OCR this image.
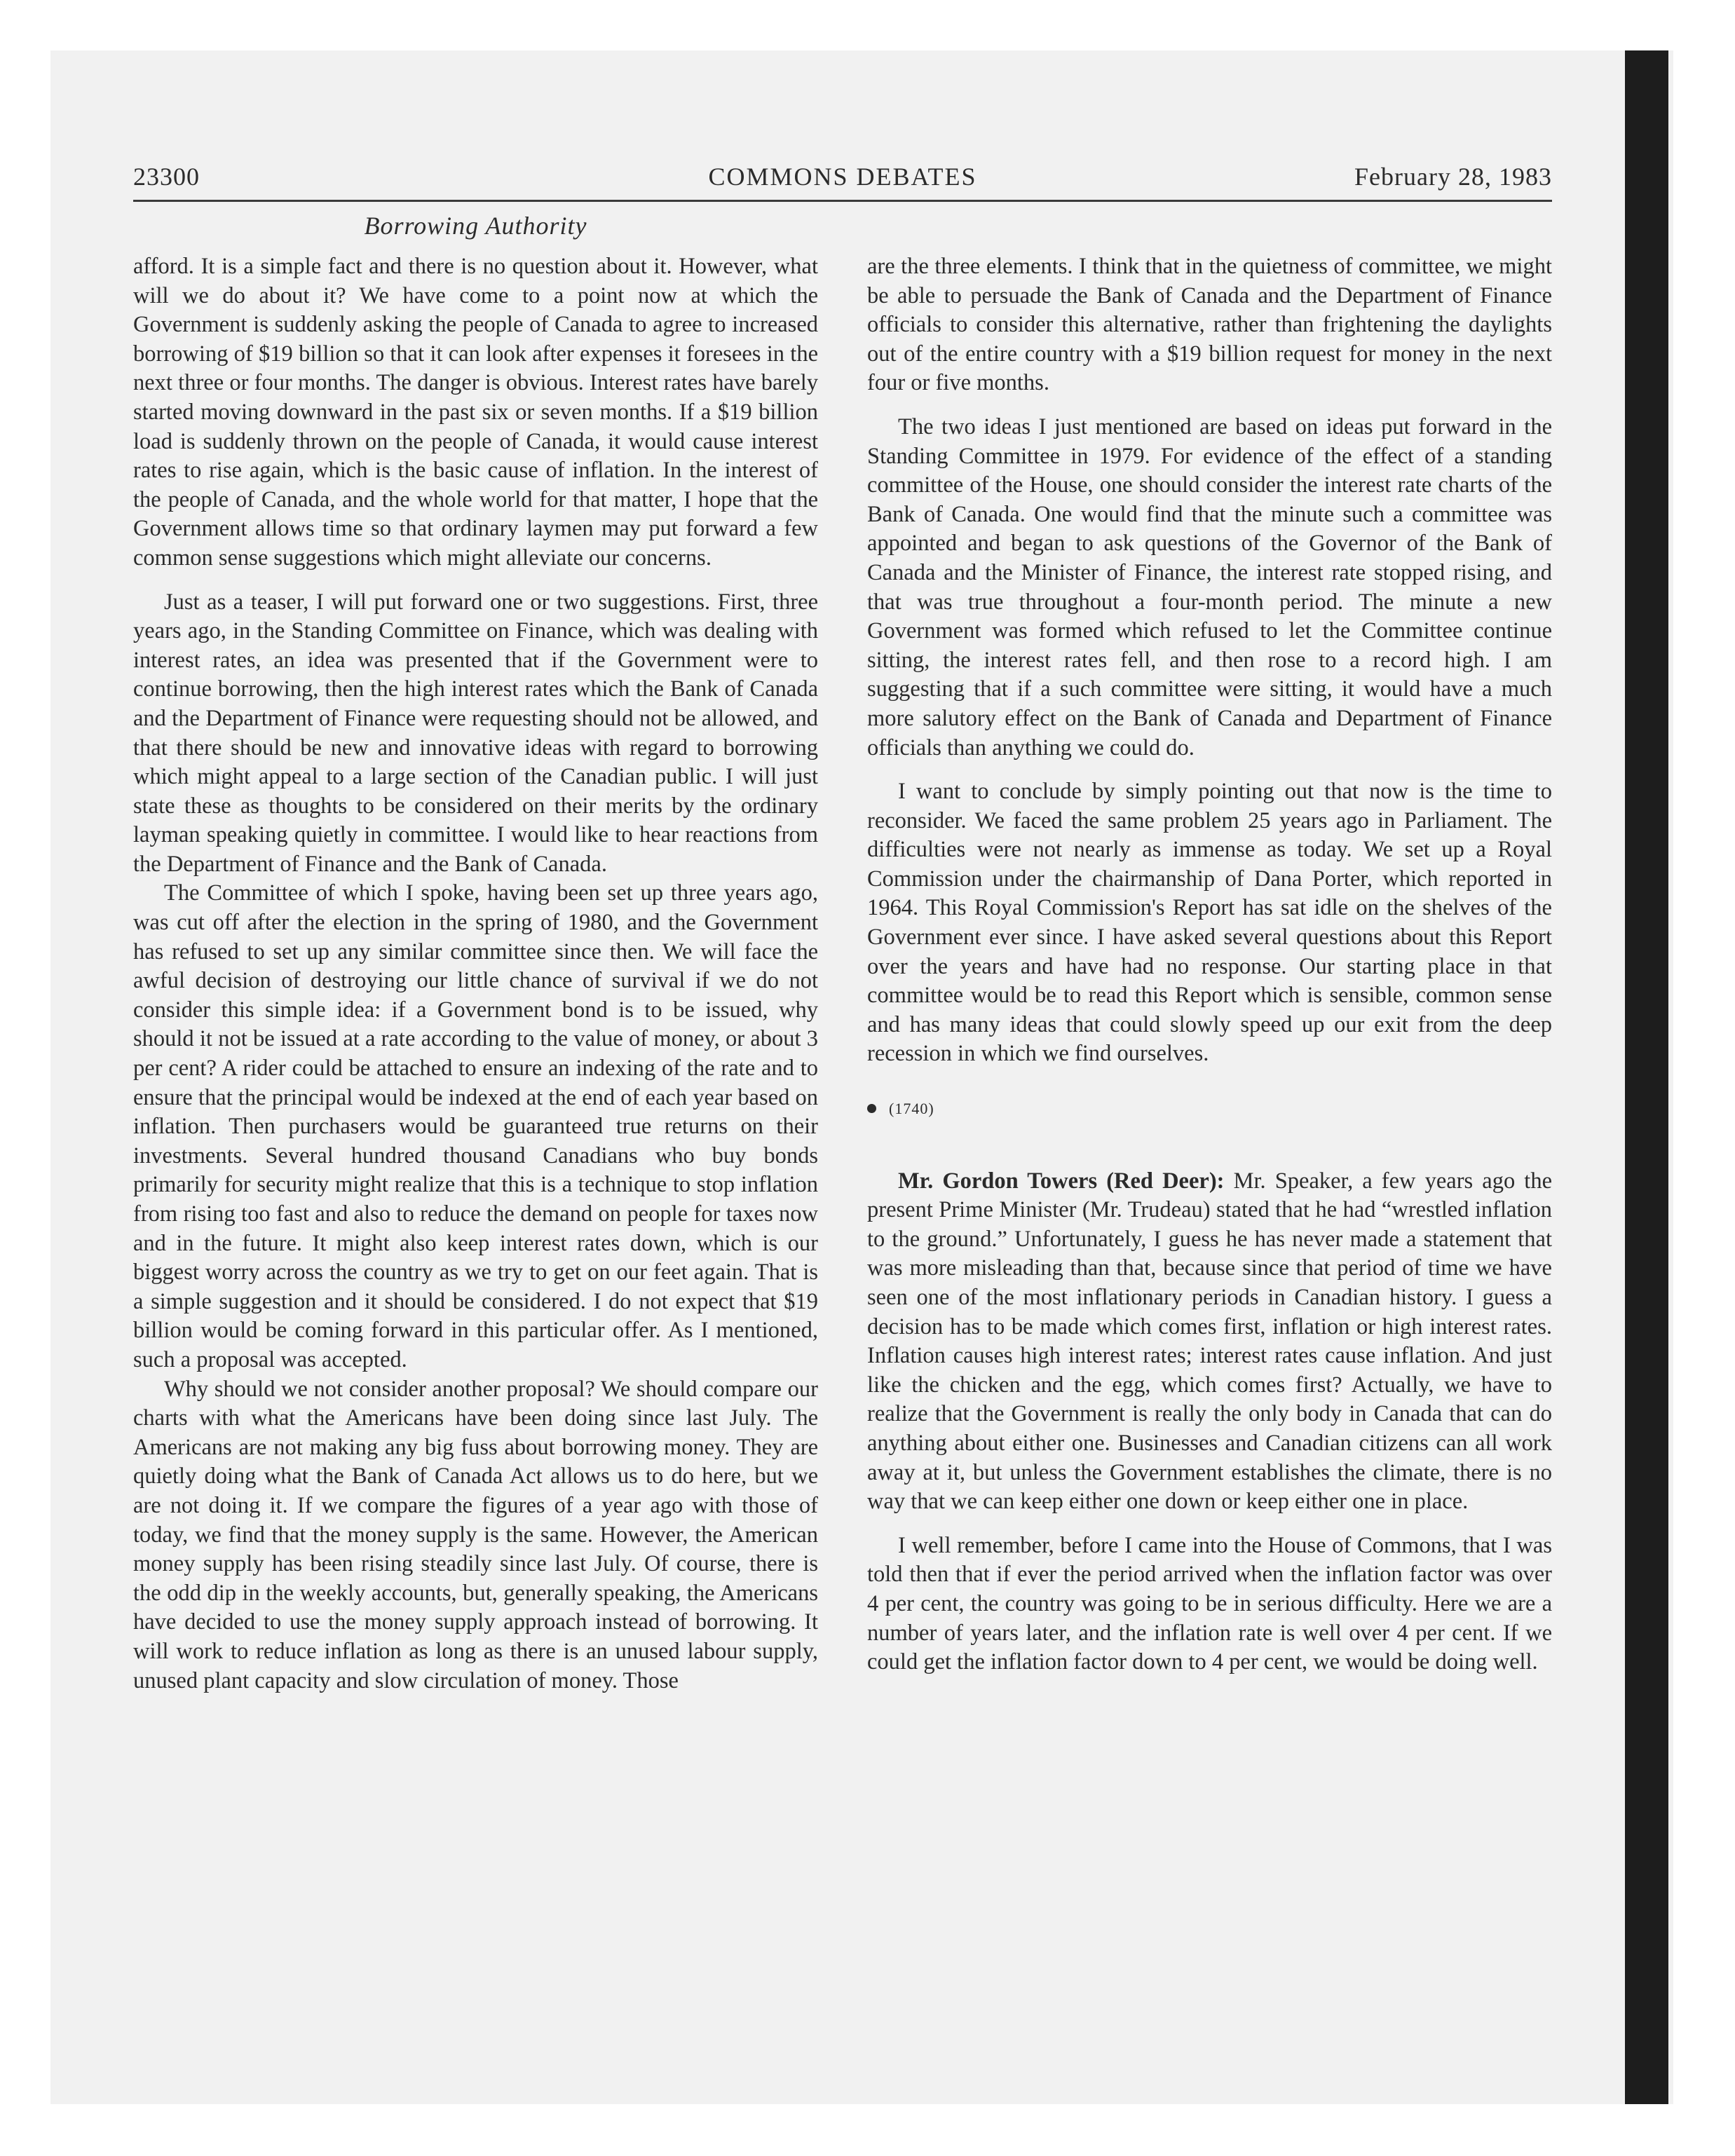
23300	COMMONS DEBATES	February 28, 1983
Borrowing Authority

afford. It is a simple fact and there is no question about it. However, what will we do about it? We have come to a point now at which the Government is suddenly asking the people of Canada to agree to increased borrowing of $19 billion so that it can look after expenses it foresees in the next three or four months. The danger is obvious. Interest rates have barely started moving downward in the past six or seven months. If a $19 billion load is suddenly thrown on the people of Canada, it would cause interest rates to rise again, which is the basic cause of inflation. In the interest of the people of Canada, and the whole world for that matter, I hope that the Government allows time so that ordinary laymen may put forward a few common sense suggestions which might alleviate our concerns.

Just as a teaser, I will put forward one or two suggestions. First, three years ago, in the Standing Committee on Finance, which was dealing with interest rates, an idea was presented that if the Government were to continue borrowing, then the high interest rates which the Bank of Canada and the Department of Finance were requesting should not be allowed, and that there should be new and innovative ideas with regard to borrowing which might appeal to a large section of the Canadian public. I will just state these as thoughts to be considered on their merits by the ordinary layman speaking quietly in committee. I would like to hear reactions from the Department of Finance and the Bank of Canada.

The Committee of which I spoke, having been set up three years ago, was cut off after the election in the spring of 1980, and the Government has refused to set up any similar committee since then. We will face the awful decision of destroying our little chance of survival if we do not consider this simple idea: if a Government bond is to be issued, why should it not be issued at a rate according to the value of money, or about 3 per cent? A rider could be attached to ensure an indexing of the rate and to ensure that the principal would be indexed at the end of each year based on inflation. Then purchasers would be guaranteed true returns on their investments. Several hundred thousand Canadians who buy bonds primarily for security might realize that this is a technique to stop inflation from rising too fast and also to reduce the demand on people for taxes now and in the future. It might also keep interest rates down, which is our biggest worry across the country as we try to get on our feet again. That is a simple suggestion and it should be considered. I do not expect that $19 billion would be coming forward in this particular offer. As I mentioned, such a proposal was accepted.

Why should we not consider another proposal? We should compare our charts with what the Americans have been doing since last July. The Americans are not making any big fuss about borrowing money. They are quietly doing what the Bank of Canada Act allows us to do here, but we are not doing it. If we compare the figures of a year ago with those of today, we find that the money supply is the same. However, the American money supply has been rising steadily since last July. Of course, there is the odd dip in the weekly accounts, but, generally speaking, the Americans have decided to use the money supply approach instead of borrowing. It will work to reduce inflation as long as there is an unused labour supply, unused plant capacity and slow circulation of money. Those

are the three elements. I think that in the quietness of committee, we might be able to persuade the Bank of Canada and the Department of Finance officials to consider this alternative, rather than frightening the daylights out of the entire country with a $19 billion request for money in the next four or five months.

The two ideas I just mentioned are based on ideas put forward in the Standing Committee in 1979. For evidence of the effect of a standing committee of the House, one should consider the interest rate charts of the Bank of Canada. One would find that the minute such a committee was appointed and began to ask questions of the Governor of the Bank of Canada and the Minister of Finance, the interest rate stopped rising, and that was true throughout a four-month period. The minute a new Government was formed which refused to let the Committee continue sitting, the interest rates fell, and then rose to a record high. I am suggesting that if a such committee were sitting, it would have a much more salutory effect on the Bank of Canada and Department of Finance officials than anything we could do.

I want to conclude by simply pointing out that now is the time to reconsider. We faced the same problem 25 years ago in Parliament. The difficulties were not nearly as immense as today. We set up a Royal Commission under the chairmanship of Dana Porter, which reported in 1964. This Royal Commission's Report has sat idle on the shelves of the Government ever since. I have asked several questions about this Report over the years and have had no response. Our starting place in that committee would be to read this Report which is sensible, common sense and has many ideas that could slowly speed up our exit from the deep recession in which we find ourselves.

(1740)

Mr. Gordon Towers (Red Deer): Mr. Speaker, a few years ago the present Prime Minister (Mr. Trudeau) stated that he had “wrestled inflation to the ground.” Unfortunately, I guess he has never made a statement that was more misleading than that, because since that period of time we have seen one of the most inflationary periods in Canadian history. I guess a decision has to be made which comes first, inflation or high interest rates. Inflation causes high interest rates; interest rates cause inflation. And just like the chicken and the egg, which comes first? Actually, we have to realize that the Government is really the only body in Canada that can do anything about either one. Businesses and Canadian citizens can all work away at it, but unless the Government establishes the climate, there is no way that we can keep either one down or keep either one in place.

I well remember, before I came into the House of Commons, that I was told then that if ever the period arrived when the inflation factor was over 4 per cent, the country was going to be in serious difficulty. Here we are a number of years later, and the inflation rate is well over 4 per cent. If we could get the inflation factor down to 4 per cent, we would be doing well.
